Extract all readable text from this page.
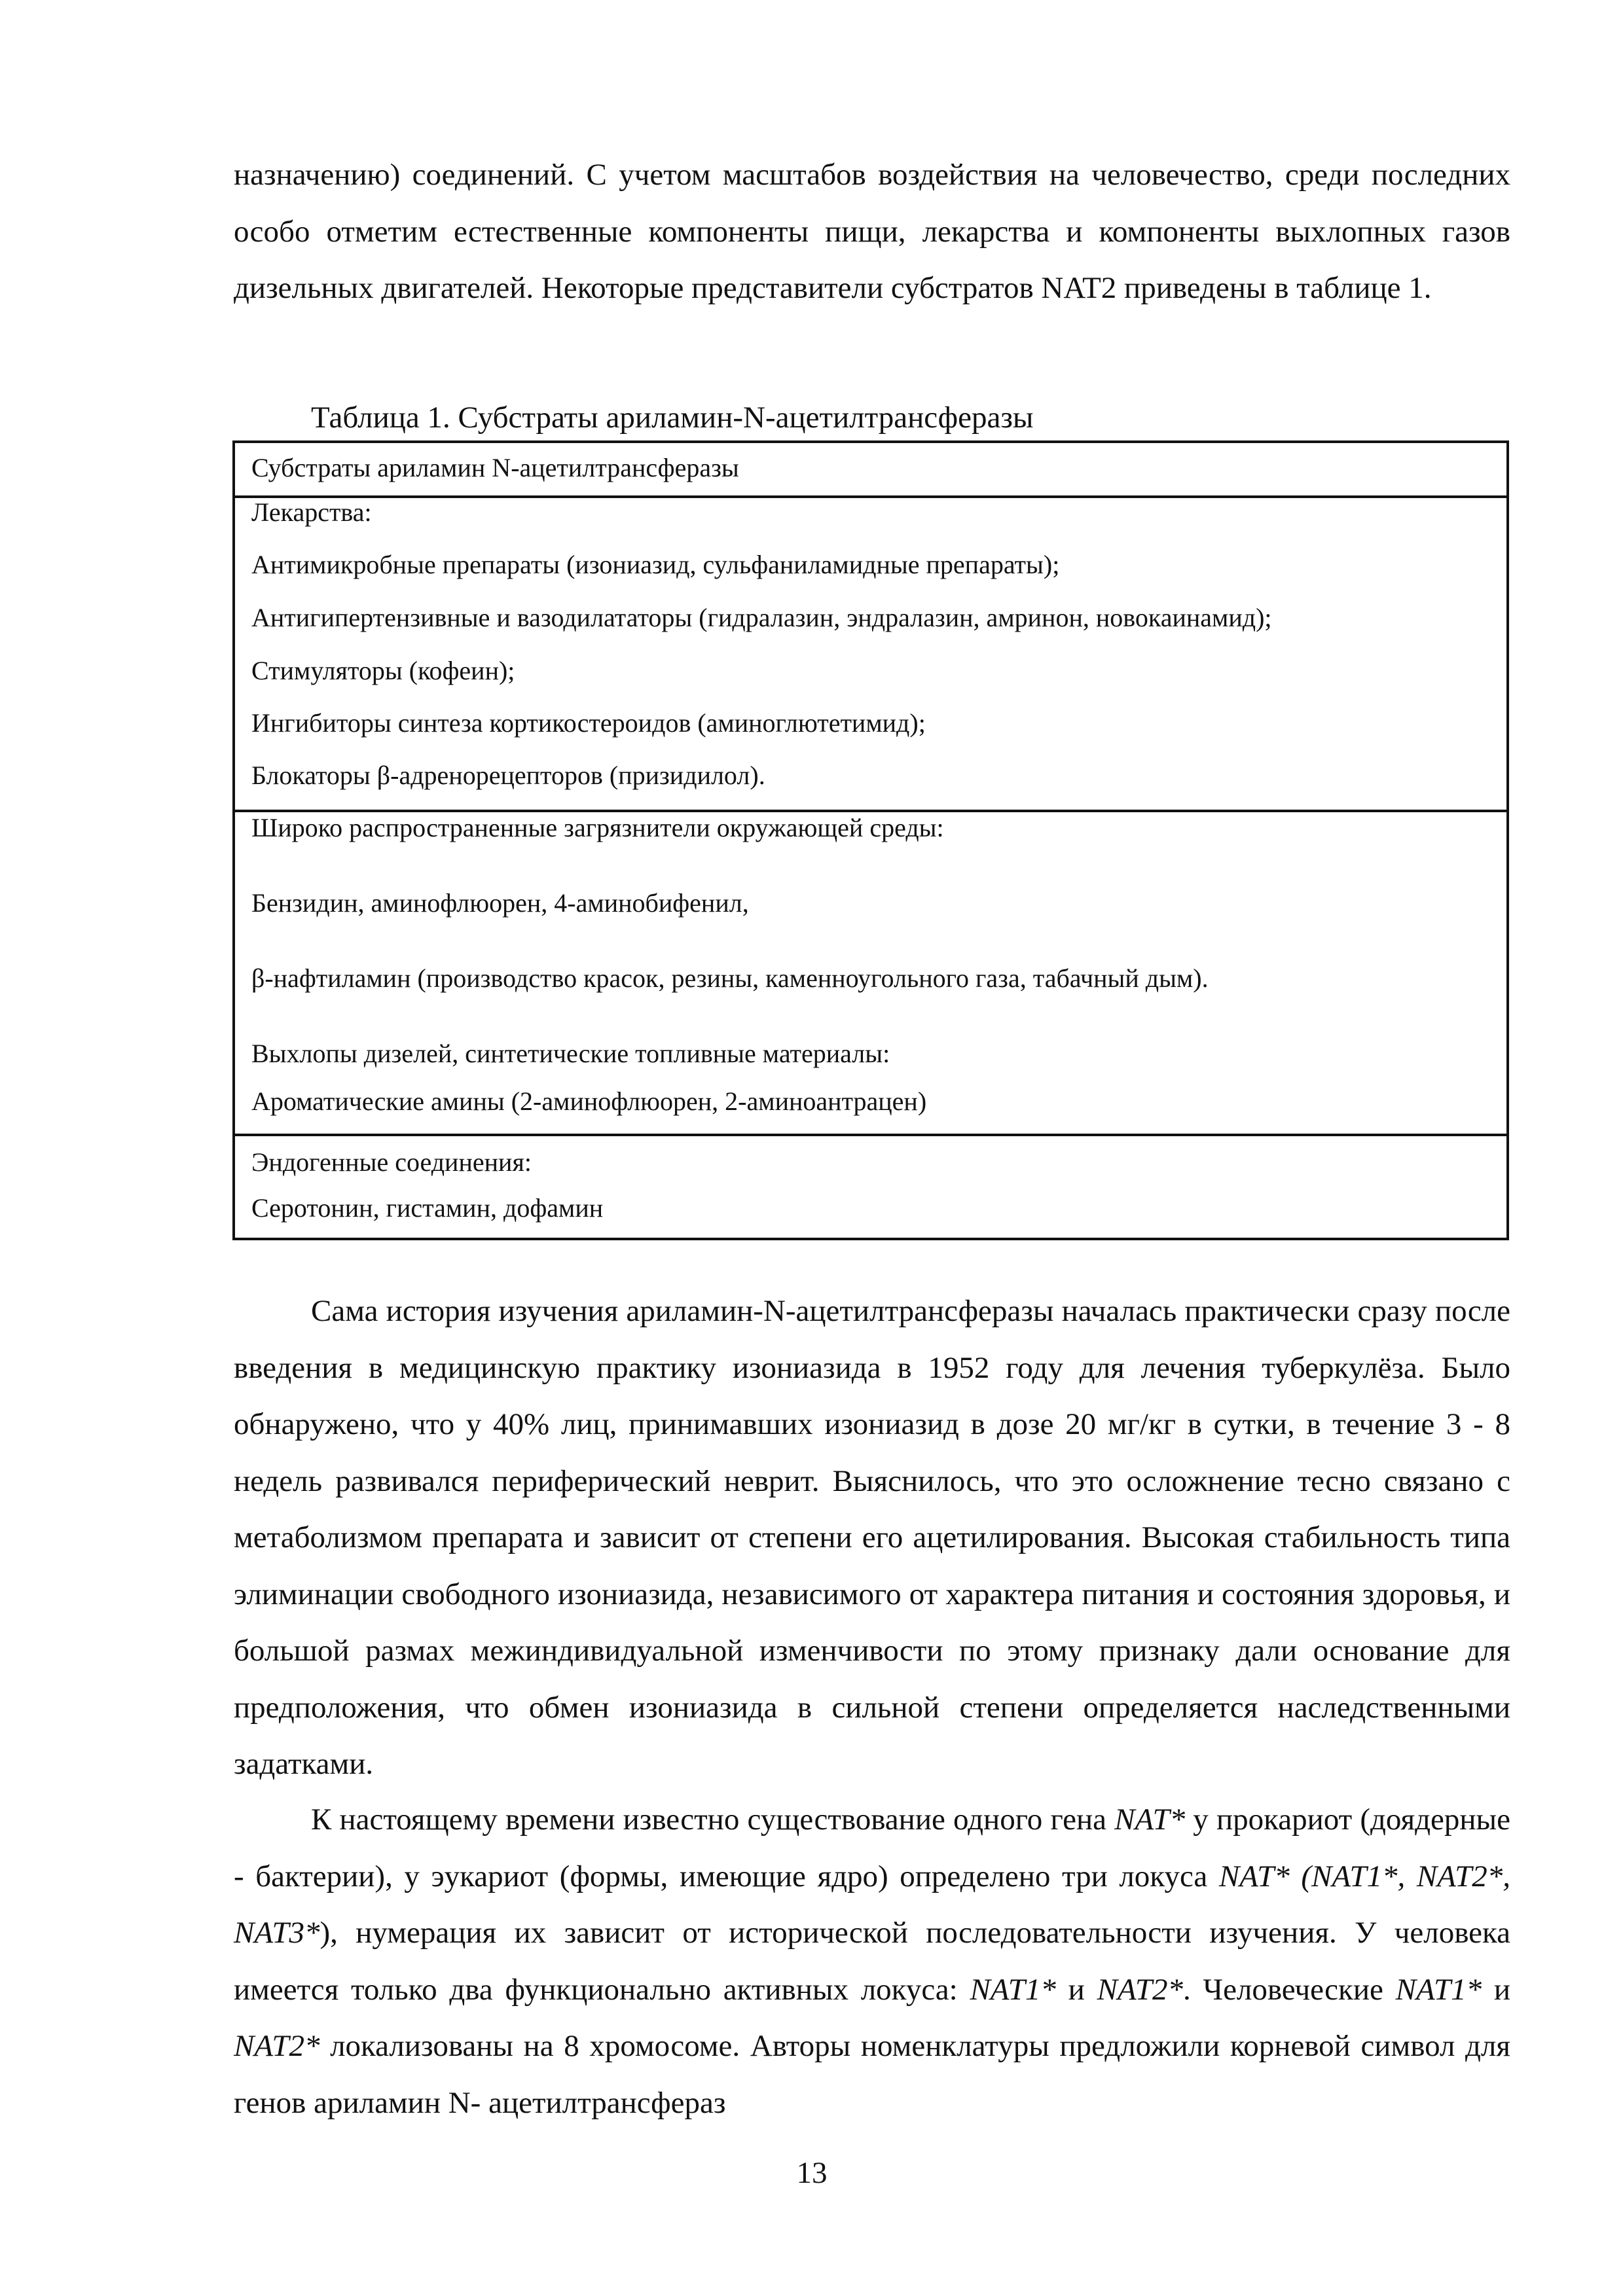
назначению) соединений. С учетом масштабов воздействия на человечество, среди последних особо отметим естественные компоненты пищи, лекарства и компоненты выхлопных газов дизельных двигателей. Некоторые представители субстратов NAT2 приведены в таблице 1.

Таблица 1. Субстраты ариламин-N-ацетилтрансферазы

Субстраты ариламин N-ацетилтрансферазы
Лекарства:
Антимикробные препараты (изониазид, сульфаниламидные препараты);
Антигипертензивные и вазодилататоры (гидралазин, эндралазин, амринон, новокаинамид);
Стимуляторы (кофеин);
Ингибиторы синтеза кортикостероидов (аминоглютетимид);
Блокаторы β-адренорецепторов (призидилол).
Широко распространенные загрязнители окружающей среды:
Бензидин, аминофлюорен, 4-аминобифенил,
β-нафтиламин (производство красок, резины, каменноугольного газа, табачный дым).
Выхлопы дизелей, синтетические топливные материалы:
Ароматические амины (2-аминофлюорен, 2-аминоантрацен)
Эндогенные соединения:
Серотонин, гистамин, дофамин

Сама история изучения ариламин-N-ацетилтрансферазы началась практически сразу после введения в медицинскую практику изониазида в 1952 году для лечения туберкулёза. Было обнаружено, что у 40% лиц, принимавших изониазид в дозе 20 мг/кг в сутки, в течение 3 - 8 недель развивался периферический неврит. Выяснилось, что это осложнение тесно связано с метаболизмом препарата и зависит от степени его ацетилирования. Высокая стабильность типа элиминации свободного изониазида, независимого от характера питания и состояния здоровья, и большой размах межиндивидуальной изменчивости по этому признаку дали основание для предположения, что обмен изониазида в сильной степени определяется наследственными задатками.

К настоящему времени известно существование одного гена NAT* у прокариот (доядерные - бактерии), у эукариот (формы, имеющие ядро) определено три локуса NAT* (NAT1*, NAT2*, NAT3*), нумерация их зависит от исторической последовательности изучения. У человека имеется только два функционально активных локуса: NAT1* и NAT2*. Человеческие NAT1* и NAT2* локализованы на 8 хромосоме. Авторы номенклатуры предложили корневой символ для генов ариламин N- ацетилтрансфераз

13
